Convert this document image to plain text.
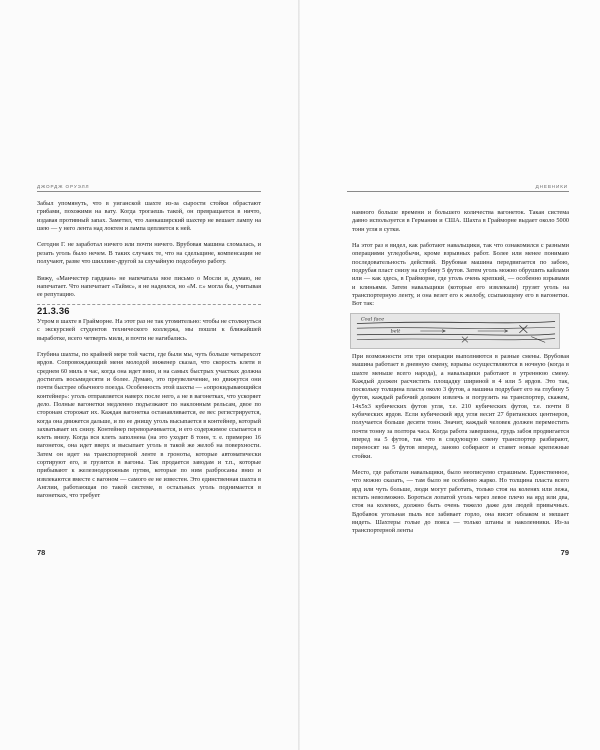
ДЖОРДЖ ОРУЭЛЛ

Забыл упомянуть, что в уиганской шахте из-за сырости стойки обрастают грибами, похожими на вату. Когда трогаешь такой, он превращается в ничто, издавая противный запах. Заметил, что ланкаширский шахтер не вешает лампу на шею — у него лента над локтем и лампа цепляется к ней.

Сегодня Г. не заработал ничего или почти ничего. Врубовая машина сломалась, и резать уголь было нечем. В таких случаях те, что на сдельщине, компенсации не получают, разве что шиллинг-другой за случайную подсобную работу.

Вижу, «Манчестер гардиан» не напечатала мое письмо о Мосли и, думаю, не напечатает. Что напечатает «Таймс», я не надеялся, но «М. г.» могла бы, учитывая ее репутацию.

21.3.36

Утром в шахте в Грайморне. На этот раз не так утомительно: чтобы не столкнуться с экскурсией студентов технического колледжа, мы пошли к ближайшей выработке, всего четверть мили, и почти не нагибались.

Глубина шахты, по крайней мере той части, где были мы, чуть больше четырехсот ярдов. Сопровождающий меня молодой инженер сказал, что скорость клети в среднем 60 миль в час, когда она идет вниз, и на самых быстрых участках должна достигать восьмидесяти и более. Думаю, это преувеличение, но движутся они почти быстрее обычного поезда. Особенность этой шахты — «опрокидывающийся контейнер»: уголь отправляется наверх после него, а не в вагонетках, что ускоряет дело. Полные вагонетки медленно подъезжают по наклонным рельсам, двое по сторонам сторожат их. Каждая вагонетка останавливается, ее вес регистрируется, когда она движется дальше, и по ее днищу уголь высыпается в контейнер, который захватывает их снизу. Контейнер переворачивается, и его содержимое ссыпается в клеть внизу. Когда вся клеть заполнена (на это уходит 8 тонн, т. е. примерно 16 вагонеток, она идет вверх и высыпает уголь в такой же желоб на поверхности. Затем он идет на транспортерной ленте в гроноты, которые автоматически сортируют его, и грузится в вагоны. Так продается заводам и т.п., которые прибывают к железнодорожным путям, которые по ним разбросаны вниз и извлекаются вместе с вагоном — самого ее не известен. Это единственная шахта в Англии, работающая по такой системе, в остальных уголь поднимается в вагонетках, что требует

78
ДНЕВНИКИ

намного больше времени и большего количества вагонеток. Такая система давно используется в Германии и США. Шахта в Грайморне выдает около 5000 тонн угля в сутки.

На этот раз я видел, как работают навальщики, так что ознакомился с разными операциями угледобычи, кроме взрывных работ. Более или менее понимаю последовательность действий. Врубовая машина передвигается по забою, подрубая пласт снизу на глубину 5 футов. Затем уголь можно обрушить кайлами или — как здесь, в Грайморне, где уголь очень крепкий, — особенно взрывами и клиньями. Затем навальщики (которые его извлекали) грузят уголь на транспортерную ленту, и она везет его к желобу, ссыпающему его в вагонетки. Вот так:

При возможности эти три операции выполняются в разные смены. Врубовая машина работает в дневную смену, взрывы осуществляются в ночную (когда в шахте меньше всего народа), а навальщики работают в утреннюю смену. Каждый должен расчистить площадку шириной в 4 или 5 ярдов. Это так, поскольку толщина пласта около 3 футов, а машина подрубает его на глубину 5 футов, каждый рабочий должен извлечь и погрузить на транспортер, скажем, 14x5x3 кубических футов угля, т.е. 210 кубических футов, т.е. почти 8 кубических ярдов. Если кубический ярд угля весит 27 британских центнеров, получается больше десяти тонн. Значит, каждый человек должен переместить почти тонну за полтора часа. Когда работа завершена, грудь забоя продвигается вперед на 5 футов, так что в следующую смену транспортер разбирают, переносят на 5 футов вперед, заново собирают и ставят новые крепежные стойки.

Место, где работали навальщики, было неописуемо страшным. Единственное, что можно сказать, — там было не особенно жарко. Но толщина пласта всего ярд или чуть больше, люди могут работать, только стоя на коленях или лежа, встать невозможно. Бороться лопатой уголь через левое плечо на ярд или два, стоя на коленях, должно быть очень тяжело даже для людей привычных. Вдобавок угольная пыль все забивает горло, она висит облаком и мешает видеть. Шахтеры голые до пояса — только штаны и наколенники. Из-за транспортерной ленты

79
Coal face
belt
